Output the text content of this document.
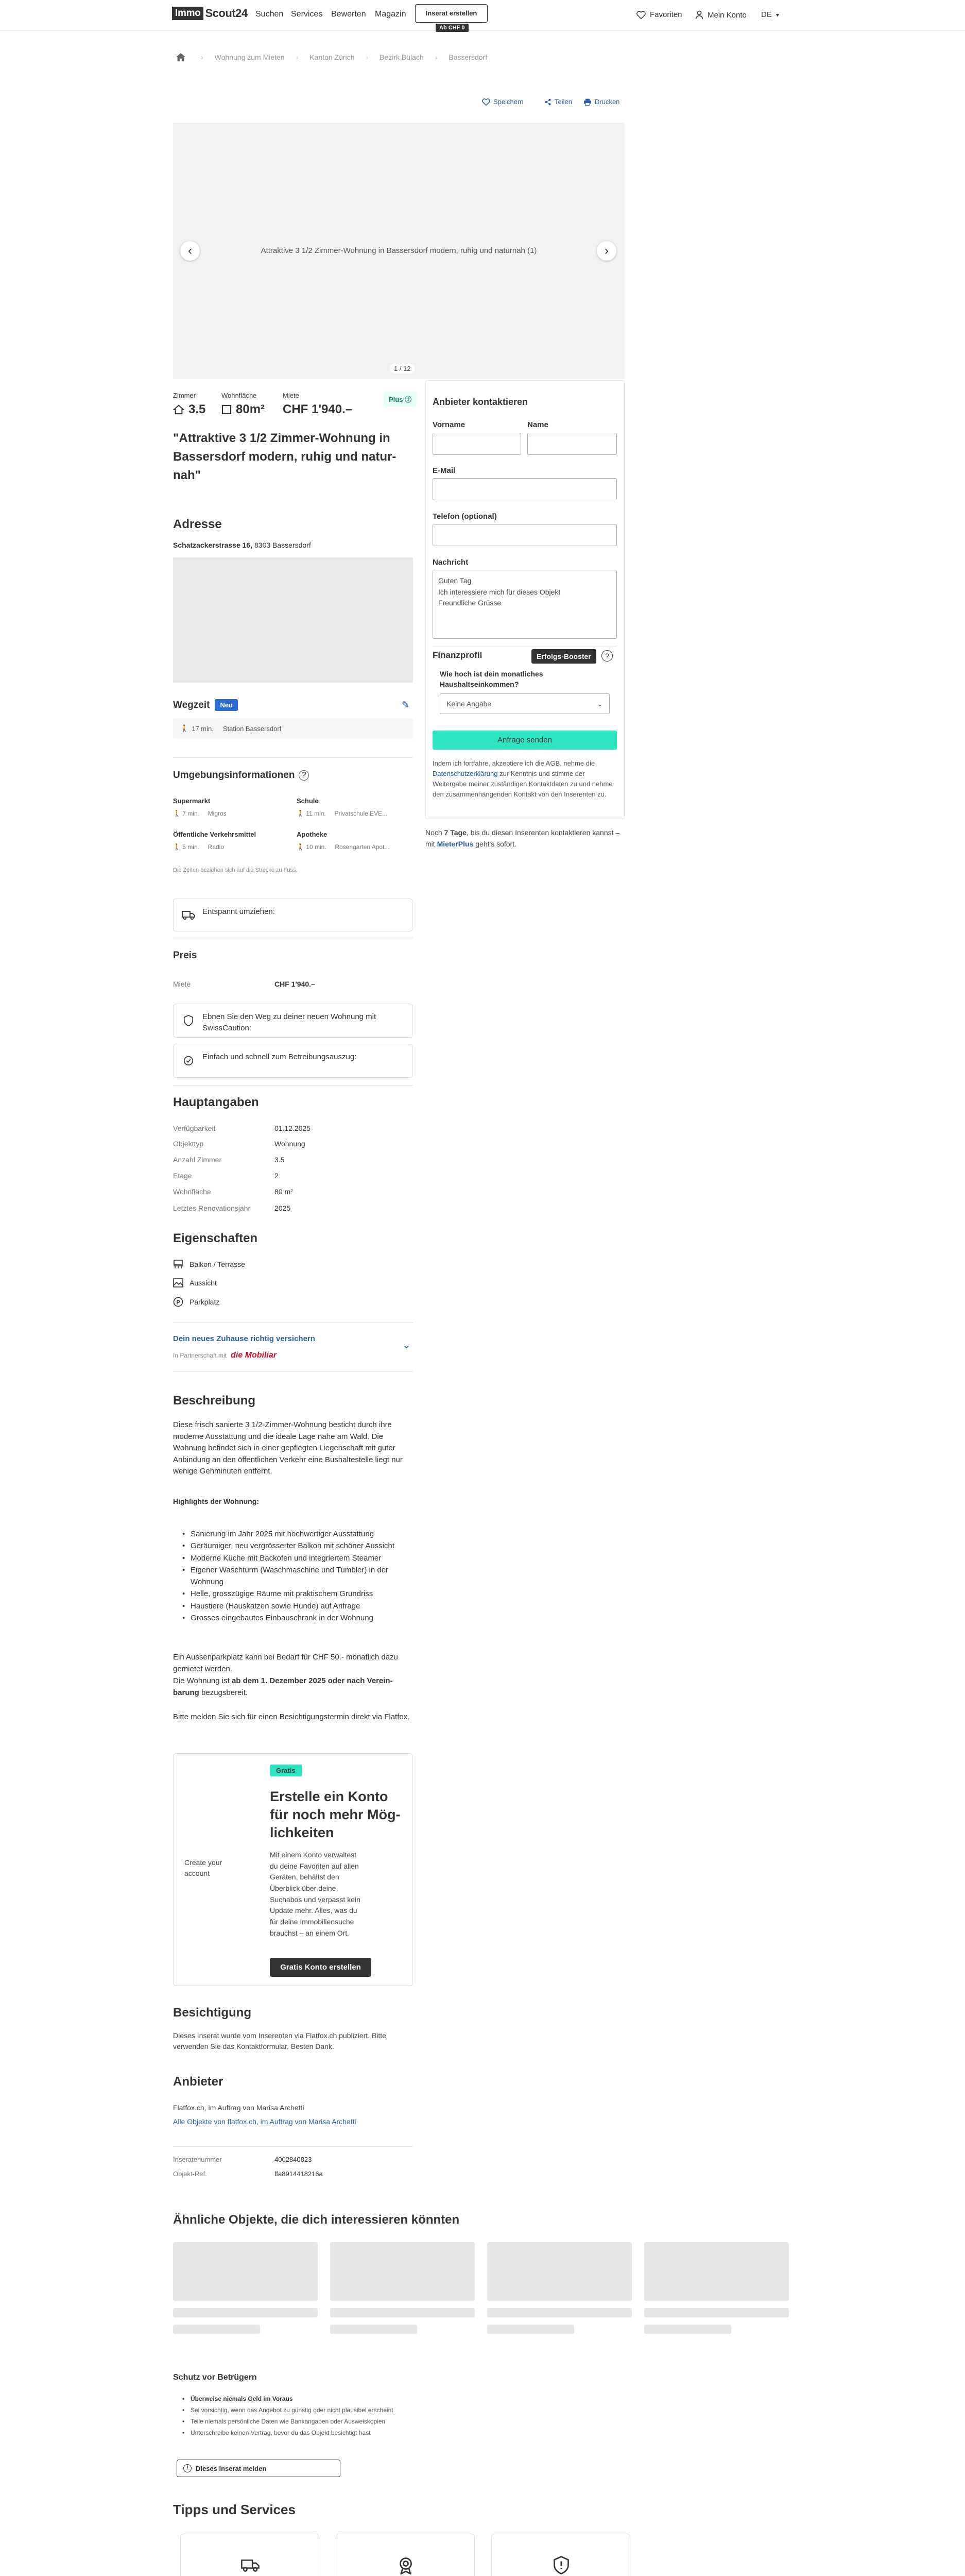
Immo Scout24 Suchen Services Bewerten Magazin	Inserat erstellen
Ab CHF 0
Favoriten	Mein Konto DE ▾
› Wohnung zum Mieten › Kanton Zürich › Bezirk Bülach › Bassersdorf
Speichern	Teilen	Drucken
Attraktive 3 1/2 Zimmer-Wohnung in Bassersdorf modern, ruhig und naturnah (1)
‹	›
1 / 12
Zimmer	Wohnfläche	Miete
Plus ⓘ
3.5 80m² CHF 1'940.–
"Attraktive 3 1/2 Zimmer-Wohnung in Bassersdorf modern, ruhig und naturnah"
Adresse
Schatzackerstrasse 16, 8303 Bassersdorf
Wegzeit	Neu	✎
🚶 17 min. Station Bassersdorf
Umgebungsinformationen ?
Supermarkt
🚶 7 min. Migros
Schule
🚶 11 min. Privatschule EVE...
Öffentliche Verkehrsmittel
🚶 5 min. Radio
Apotheke
🚶 10 min. Rosengarten Apot...
Die Zeiten beziehen sich auf die Strecke zu Fuss.
Entspannt umziehen:
Preis
Miete	CHF 1'940.–
Ebnen Sie den Weg zu deiner neuen Wohnung mit SwissCaution:
Einfach und schnell zum Betreibungsauszug:
Hauptangaben
Verfügbarkeit	01.12.2025
Objekttyp	Wohnung
Anzahl Zimmer	3.5
Etage	2
Wohnfläche	80 m²
Letztes Renovationsjahr	2025
Eigenschaften
Balkon / Terrasse
Aussicht
P Parkplatz
Dein neues Zuhause richtig versichern
In Partnerschaft mit die Mobiliar
⌄
Beschreibung
Diese frisch sanierte 3 1/2-Zimmer-Wohnung besticht durch ihre moderne Ausstattung und die ideale Lage nahe am Wald. Die Wohnung befindet sich in einer gepflegten Liegenschaft mit guter Anbindung an den öffentlichen Verkehr eine Bushaltestelle liegt nur wenige Gehminuten entfernt.
Highlights der Wohnung:
• Sanierung im Jahr 2025 mit hochwertiger Ausstattung
• Geräumiger, neu vergrösserter Balkon mit schöner Aussicht
• Moderne Küche mit Backofen und integriertem Steamer
• Eigener Waschturm (Waschmaschine und Tumbler) in der Wohnung
• Helle, grosszügige Räume mit praktischem Grundriss
• Haustiere (Hauskatzen sowie Hunde) auf Anfrage
• Grosses eingebautes Einbauschrank in der Wohnung
Ein Aussenparkplatz kann bei Bedarf für CHF 50.- monatlich dazu gemietet werden.
Die Wohnung ist ab dem 1. Dezember 2025 oder nach Vereinbarung bezugsbereit.
Bitte melden Sie sich für einen Besichtigungstermin direkt via Flatfox.
Create your account
Gratis
Erstelle ein Konto für noch mehr Möglichkeiten
Mit einem Konto verwaltest du deine Favoriten auf allen Geräten, behältst den Überblick über deine Suchabos und verpasst kein Update mehr. Alles, was du für deine Immobiliensuche brauchst – an einem Ort.
Gratis Konto erstellen
Besichtigung
Dieses Inserat wurde vom Inserenten via Flatfox.ch publiziert. Bitte verwenden Sie das Kontaktformular. Besten Dank.
Anbieter
Flatfox.ch, im Auftrag von Marisa Archetti
Alle Objekte von flatfox.ch, im Auftrag von Marisa Archetti
Inseratenummer	4002840823
Objekt-Ref.	ffa8914418216a
Anbieter kontaktieren
Vorname	Name
E-Mail
Telefon (optional)
Nachricht
Guten Tag
Ich interessiere mich für dieses Objekt
Freundliche Grüsse
Finanzprofil	Erfolgs-Booster	?
Wie hoch ist dein monatliches Haushaltseinkommen?
Keine Angabe	⌄
Anfrage senden
Indem ich fortfahre, akzeptiere ich die AGB, nehme die Datenschutzerklärung zur Kenntnis und stimme der Weitergabe meiner zuständigen Kontaktdaten zu und nehme den zusammenhängenden Kontakt von den Inserenten zu.
Noch 7 Tage, bis du diesen Inserenten kontaktieren kannst – mit MieterPlus geht's sofort.
Ähnliche Objekte, die dich interessieren könnten
Schutz vor Betrügern
• Überweise niemals Geld im Voraus
• Sei vorsichtig, wenn das Angebot zu günstig oder nicht plausibel erscheint
• Teile niemals persönliche Daten wie Bankangaben oder Ausweiskopien
• Unterschreibe keinen Vertrag, bevor du das Objekt besichtigt hast
!	Dieses Inserat melden
Tipps und Services
